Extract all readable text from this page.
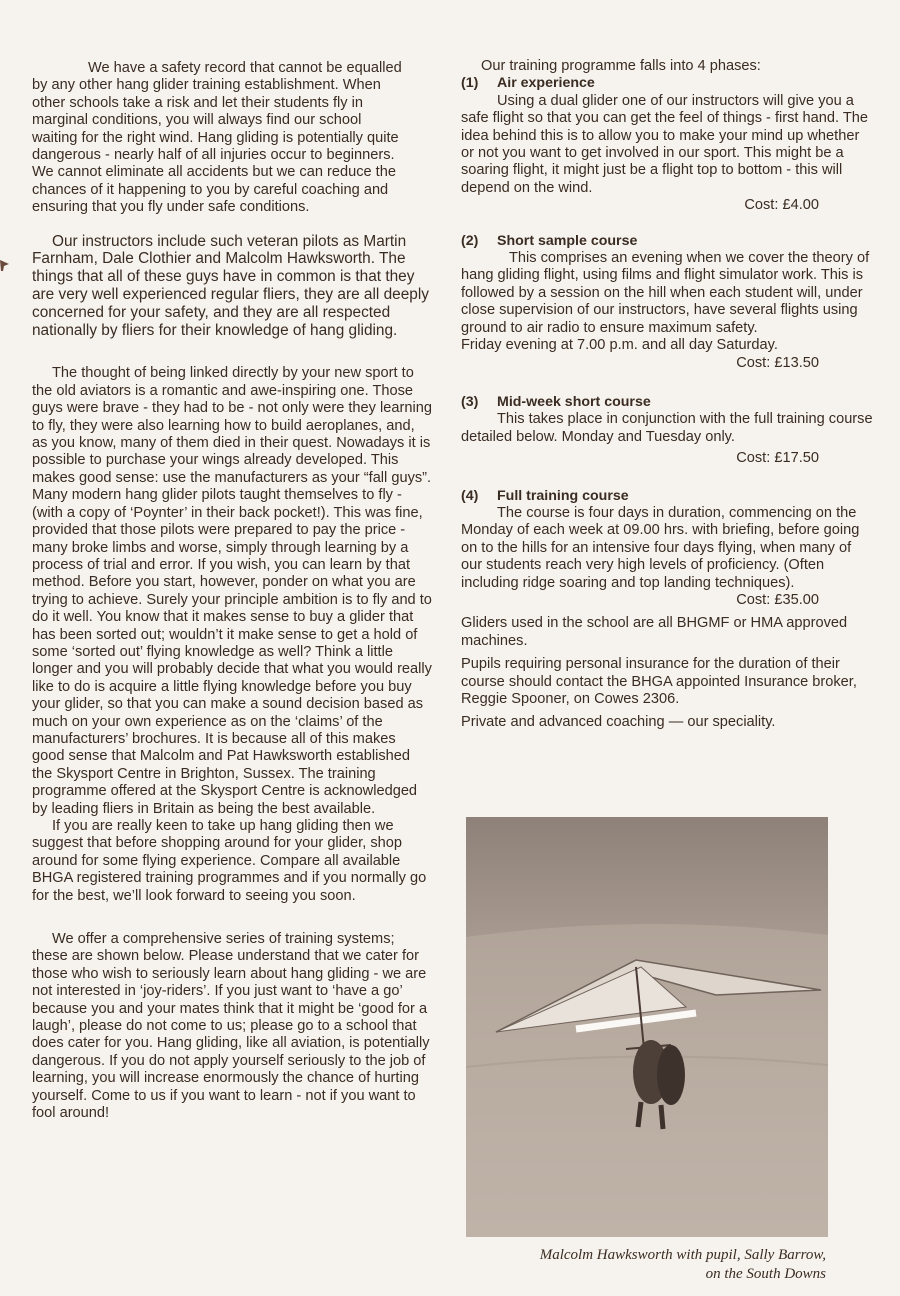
We have a safety record that cannot be equalled by any other hang glider training establishment. When other schools take a risk and let their students fly in marginal conditions, you will always find our school waiting for the right wind. Hang gliding is potentially quite dangerous - nearly half of all injuries occur to beginners. We cannot eliminate all accidents but we can reduce the chances of it happening to you by careful coaching and ensuring that you fly under safe conditions.

Our instructors include such veteran pilots as Martin Farnham, Dale Clothier and Malcolm Hawksworth. The things that all of these guys have in common is that they are very well experienced regular fliers, they are all deeply concerned for your safety, and they are all respected nationally by fliers for their knowledge of hang gliding.

The thought of being linked directly by your new sport to the old aviators is a romantic and awe-inspiring one. Those guys were brave - they had to be - not only were they learning to fly, they were also learning how to build aeroplanes, and, as you know, many of them died in their quest. Nowadays it is possible to purchase your wings already developed. This makes good sense: use the manufacturers as your “fall guys”. Many modern hang glider pilots taught themselves to fly - (with a copy of ‘Poynter’ in their back pocket!). This was fine, provided that those pilots were prepared to pay the price - many broke limbs and worse, simply through learning by a process of trial and error. If you wish, you can learn by that method. Before you start, however, ponder on what you are trying to achieve. Surely your principle ambition is to fly and to do it well. You know that it makes sense to buy a glider that has been sorted out; wouldn’t it make sense to get a hold of some ‘sorted out’ flying knowledge as well? Think a little longer and you will probably decide that what you would really like to do is acquire a little flying knowledge before you buy your glider, so that you can make a sound decision based as much on your own experience as on the ‘claims’ of the manufacturers’ brochures. It is because all of this makes good sense that Malcolm and Pat Hawksworth established the Skysport Centre in Brighton, Sussex. The training programme offered at the Skysport Centre is acknowledged by leading fliers in Britain as being the best available.

If you are really keen to take up hang gliding then we suggest that before shopping around for your glider, shop around for some flying experience. Compare all available BHGA registered training programmes and if you normally go for the best, we’ll look forward to seeing you soon.

We offer a comprehensive series of training systems; these are shown below. Please understand that we cater for those who wish to seriously learn about hang gliding - we are not interested in ‘joy-riders’. If you just want to ‘have a go’ because you and your mates think that it might be ‘good for a laugh’, please do not come to us; please go to a school that does cater for you. Hang gliding, like all aviation, is potentially dangerous. If you do not apply yourself seriously to the job of learning, you will increase enormously the chance of hurting yourself. Come to us if you want to learn - not if you want to fool around!

Our training programme falls into 4 phases:

(1) Air experience

Using a dual glider one of our instructors will give you a safe flight so that you can get the feel of things - first hand. The idea behind this is to allow you to make your mind up whether or not you want to get involved in our sport. This might be a soaring flight, it might just be a flight top to bottom - this will depend on the wind.

Cost: £4.00

(2) Short sample course

This comprises an evening when we cover the theory of hang gliding flight, using films and flight simulator work. This is followed by a session on the hill when each student will, under close supervision of our instructors, have several flights using ground to air radio to ensure maximum safety.

Friday evening at 7.00 p.m. and all day Saturday.

Cost: £13.50

(3) Mid-week short course

This takes place in conjunction with the full training course detailed below. Monday and Tuesday only.

Cost: £17.50

(4) Full training course

The course is four days in duration, commencing on the Monday of each week at 09.00 hrs. with briefing, before going on to the hills for an intensive four days flying, when many of our students reach very high levels of proficiency. (Often including ridge soaring and top landing techniques).

Cost: £35.00

Gliders used in the school are all BHGMF or HMA approved machines.

Pupils requiring personal insurance for the duration of their course should contact the BHGA appointed Insurance broker, Reggie Spooner, on Cowes 2306.

Private and advanced coaching — our speciality.

Malcolm Hawksworth with pupil, Sally Barrow,
on the South Downs
